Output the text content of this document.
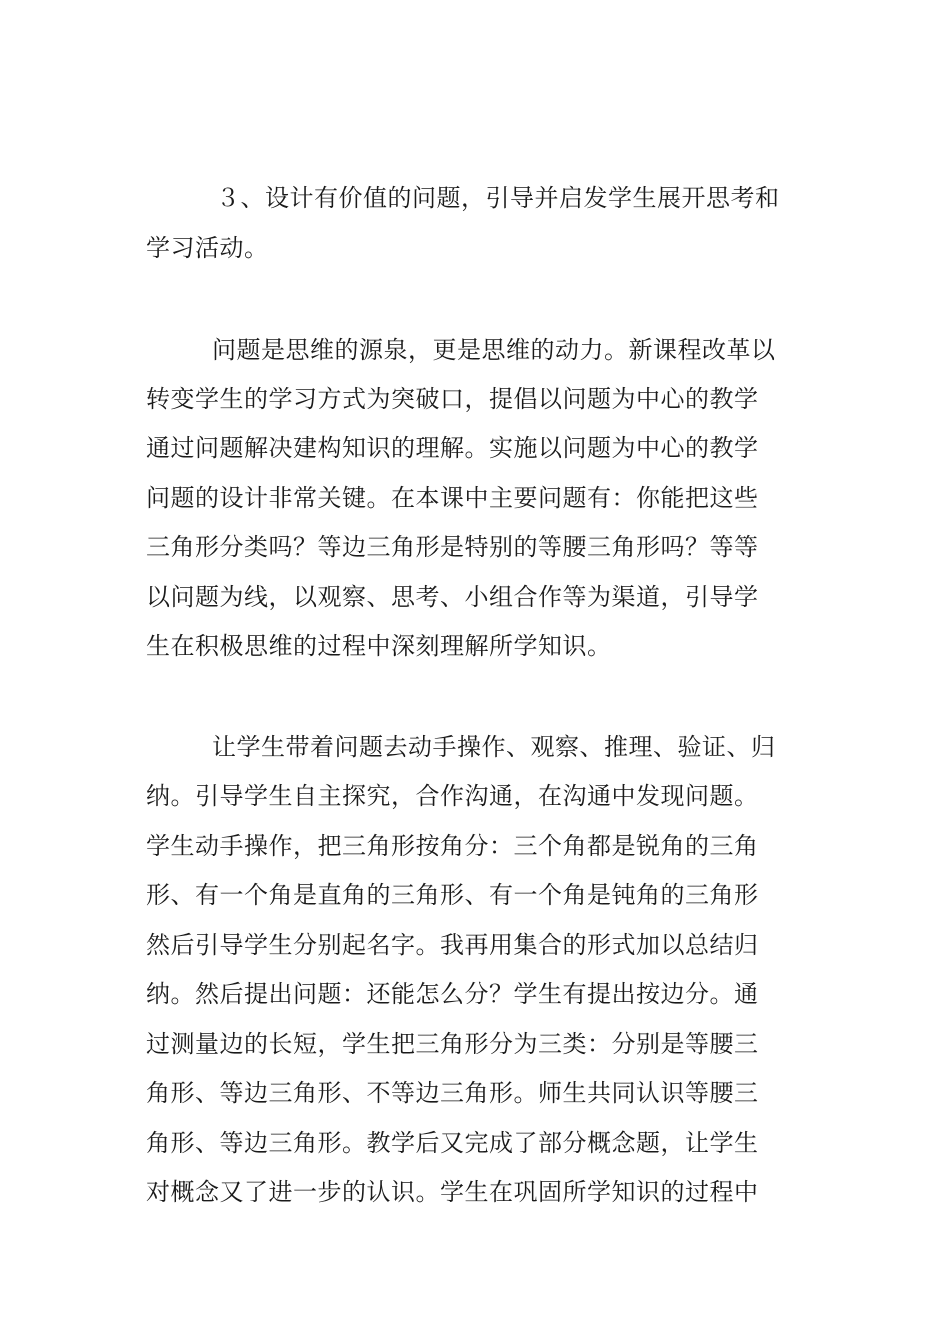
３、设计有价值的问题，引导并启发学生展开思考和
学习活动。
问题是思维的源泉，更是思维的动力。新课程改革以
转变学生的学习方式为突破口，提倡以问题为中心的教学
通过问题解决建构知识的理解。实施以问题为中心的教学
问题的设计非常关键。在本课中主要问题有：你能把这些
三角形分类吗？等边三角形是特别的等腰三角形吗？等等
以问题为线，以观察、思考、小组合作等为渠道，引导学
生在积极思维的过程中深刻理解所学知识。
让学生带着问题去动手操作、观察、推理、验证、归
纳。引导学生自主探究，合作沟通，在沟通中发现问题。
学生动手操作，把三角形按角分：三个角都是锐角的三角
形、有一个角是直角的三角形、有一个角是钝角的三角形
然后引导学生分别起名字。我再用集合的形式加以总结归
纳。然后提出问题：还能怎么分？学生有提出按边分。通
过测量边的长短，学生把三角形分为三类：分别是等腰三
角形、等边三角形、不等边三角形。师生共同认识等腰三
角形、等边三角形。教学后又完成了部分概念题，让学生
对概念又了进一步的认识。学生在巩固所学知识的过程中
